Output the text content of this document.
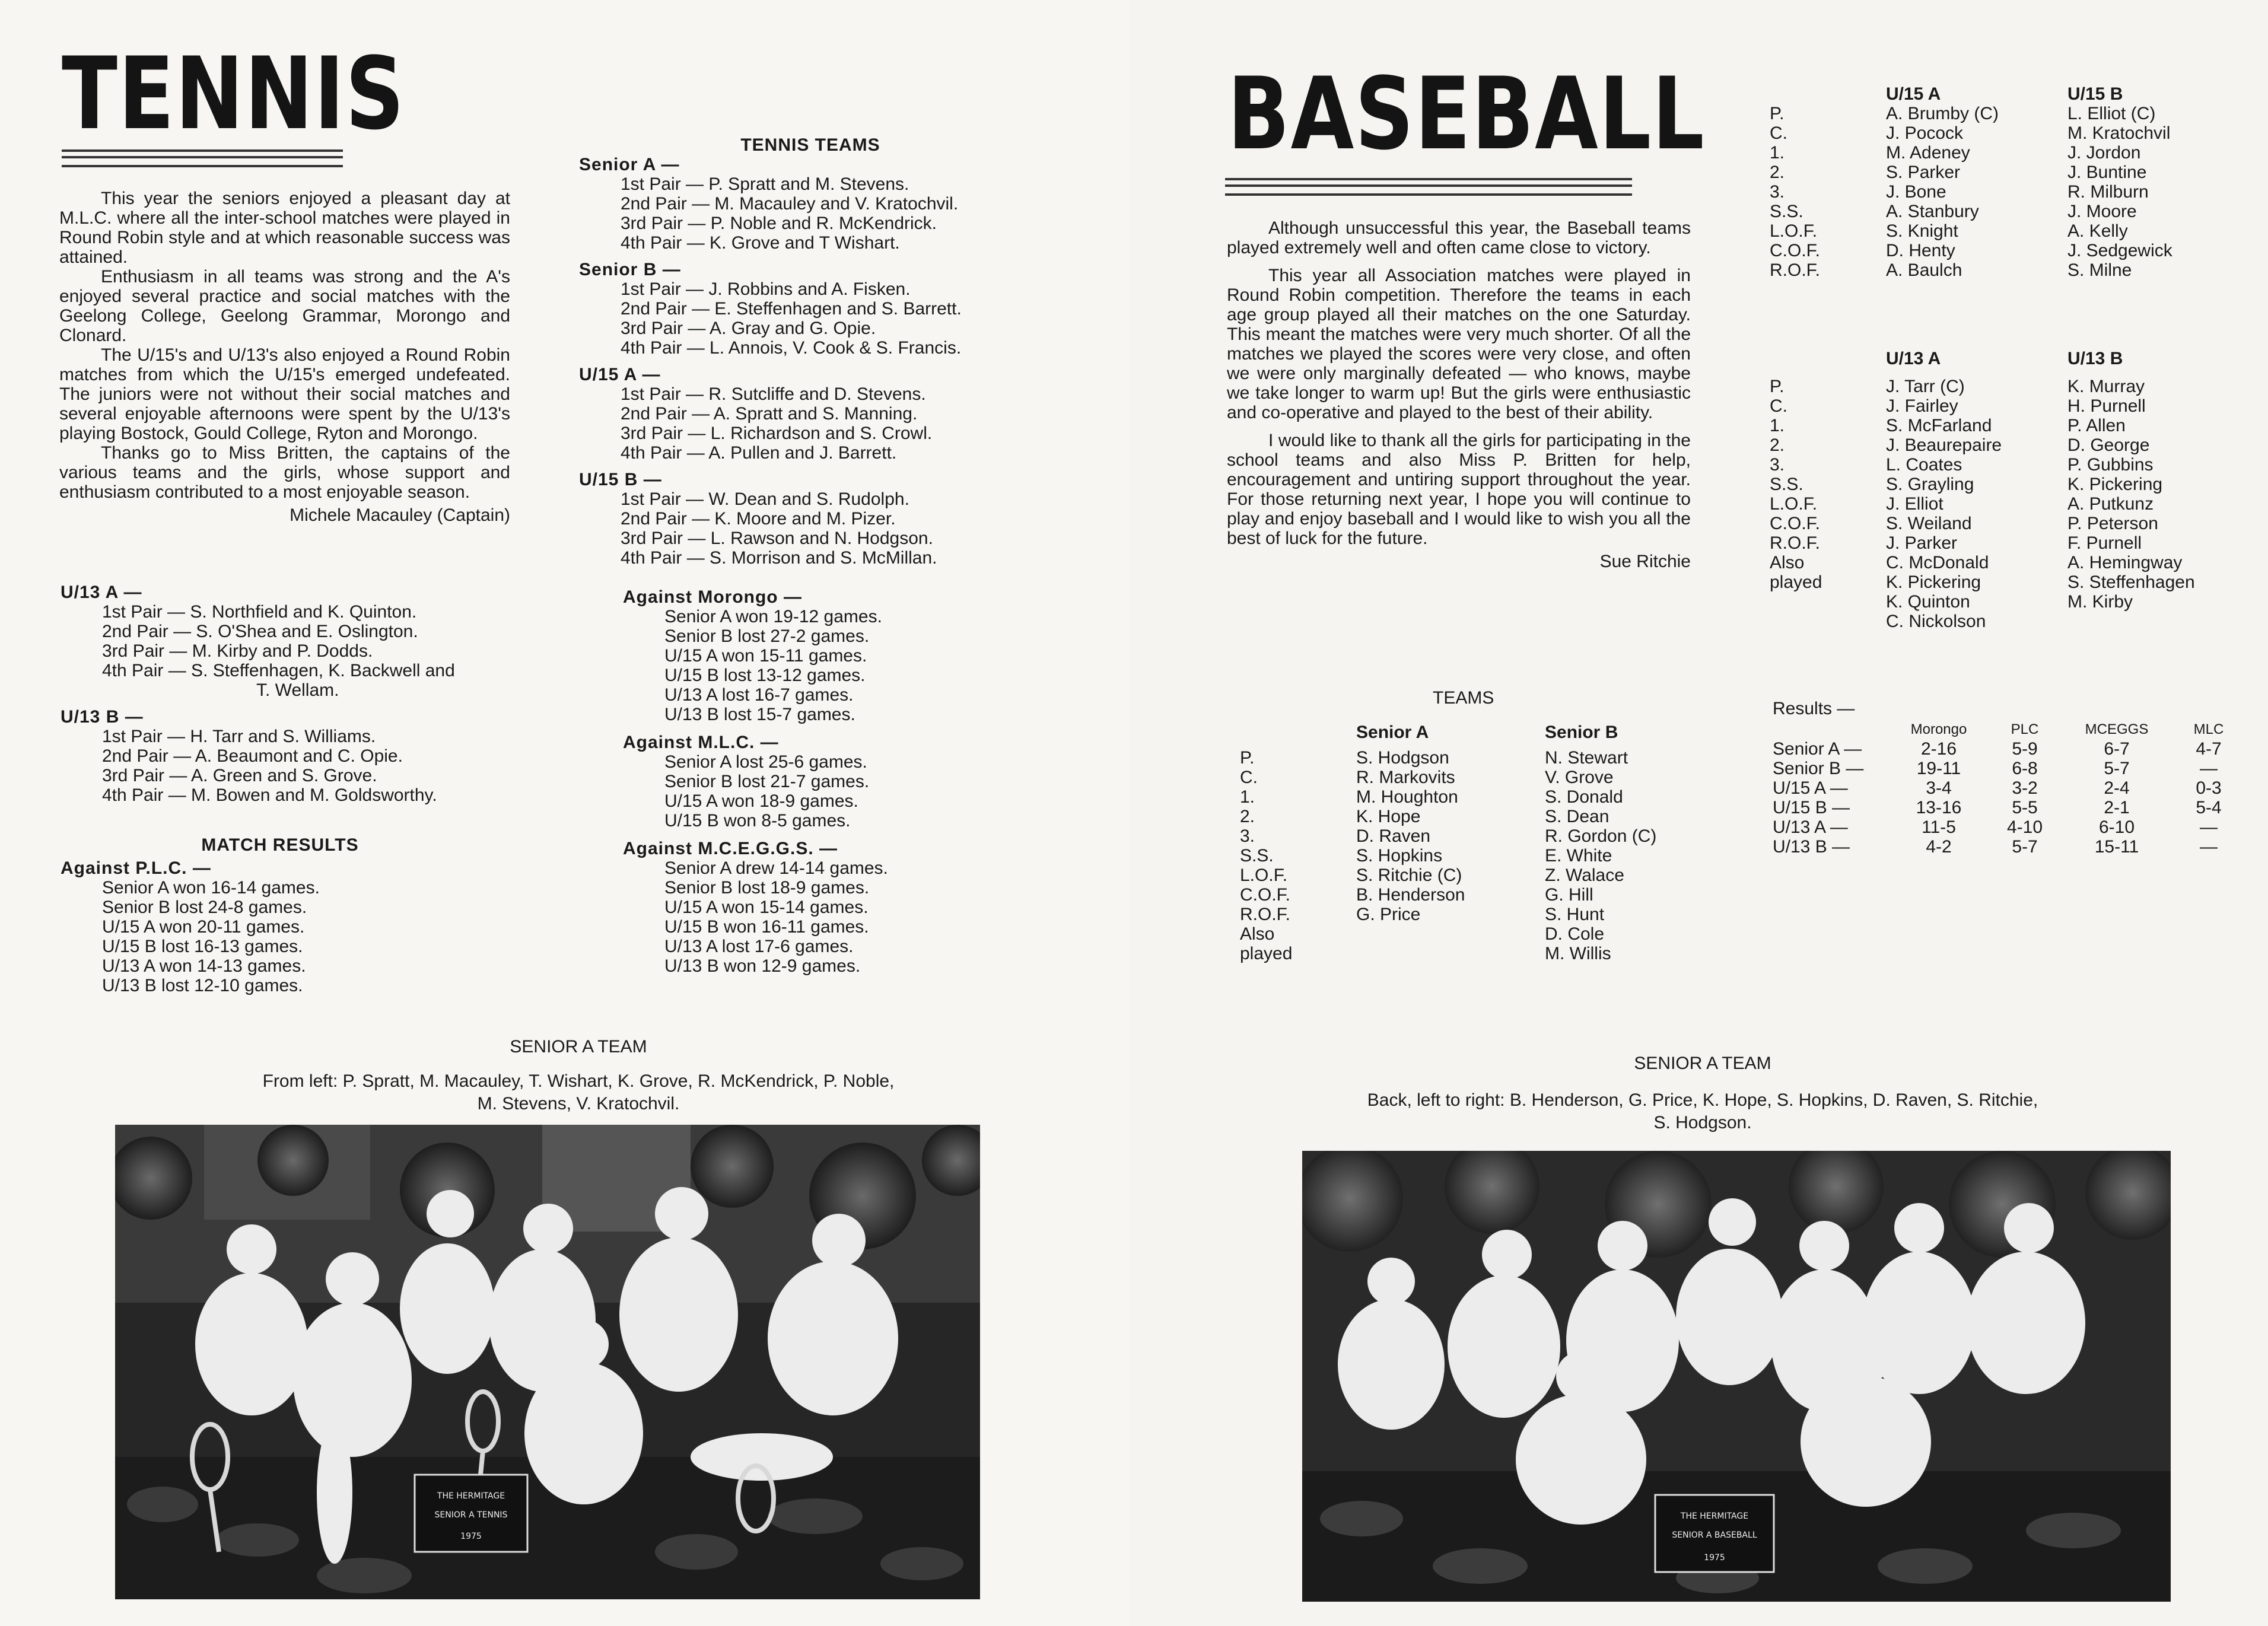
TENNIS

This year the seniors enjoyed a pleasant day at M.L.C. where all the inter-school matches were played in Round Robin style and at which reasonable success was attained.

Enthusiasm in all teams was strong and the A's enjoyed several practice and social matches with the Geelong College, Geelong Grammar, Morongo and Clonard.

The U/15's and U/13's also enjoyed a Round Robin matches from which the U/15's emerged undefeated. The juniors were not without their social matches and several enjoyable afternoons were spent by the U/13's playing Bostock, Gould College, Ryton and Morongo.

Thanks go to Miss Britten, the captains of the various teams and the girls, whose support and enthusiasm contributed to a most enjoyable season.

Michele Macauley (Captain)
U/13 A —
1st Pair — S. Northfield and K. Quinton.
2nd Pair — S. O'Shea and E. Oslington.
3rd Pair — M. Kirby and P. Dodds.
4th Pair — S. Steffenhagen, K. Backwell and
T. Wellam.
U/13 B —
1st Pair — H. Tarr and S. Williams.
2nd Pair — A. Beaumont and C. Opie.
3rd Pair — A. Green and S. Grove.
4th Pair — M. Bowen and M. Goldsworthy.
MATCH RESULTS
Against P.L.C. —
Senior A won 16-14 games.
Senior B lost 24-8 games.
U/15 A won 20-11 games.
U/15 B lost 16-13 games.
U/13 A won 14-13 games.
U/13 B lost 12-10 games.
TENNIS TEAMS
Senior A —
1st Pair — P. Spratt and M. Stevens.
2nd Pair — M. Macauley and V. Kratochvil.
3rd Pair — P. Noble and R. McKendrick.
4th Pair — K. Grove and T Wishart.
Senior B —
1st Pair — J. Robbins and A. Fisken.
2nd Pair — E. Steffenhagen and S. Barrett.
3rd Pair — A. Gray and G. Opie.
4th Pair — L. Annois, V. Cook & S. Francis.
U/15 A —
1st Pair — R. Sutcliffe and D. Stevens.
2nd Pair — A. Spratt and S. Manning.
3rd Pair — L. Richardson and S. Crowl.
4th Pair — A. Pullen and J. Barrett.
U/15 B —
1st Pair — W. Dean and S. Rudolph.
2nd Pair — K. Moore and M. Pizer.
3rd Pair — L. Rawson and N. Hodgson.
4th Pair — S. Morrison and S. McMillan.
Against Morongo —
Senior A won 19-12 games.
Senior B lost 27-2 games.
U/15 A won 15-11 games.
U/15 B lost 13-12 games.
U/13 A lost 16-7 games.
U/13 B lost 15-7 games.
Against M.L.C. —
Senior A lost 25-6 games.
Senior B lost 21-7 games.
U/15 A won 18-9 games.
U/15 B won 8-5 games.
Against M.C.E.G.G.S. —
Senior A drew 14-14 games.
Senior B lost 18-9 games.
U/15 A won 15-14 games.
U/15 B won 16-11 games.
U/13 A lost 17-6 games.
U/13 B won 12-9 games.
SENIOR A TEAM
From left: P. Spratt, M. Macauley, T. Wishart, K. Grove, R. McKendrick, P. Noble,
M. Stevens, V. Kratochvil.
THE HERMITAGE
SENIOR A TENNIS
1975
BASEBALL

Although unsuccessful this year, the Baseball teams played extremely well and often came close to victory.

This year all Association matches were played in Round Robin competition. Therefore the teams in each age group played all their matches on the one Saturday. This meant the matches were very much shorter. Of all the matches we played the scores were very close, and often we were only marginally defeated — who knows, maybe we take longer to warm up! But the girls were enthusiastic and co-operative and played to the best of their ability.

I would like to thank all the girls for participating in the school teams and also Miss P. Britten for help, encouragement and untiring support throughout the year. For those returning next year, I hope you will continue to play and enjoy baseball and I would like to wish you all the best of luck for the future.

Sue Ritchie
TEAMS
	Senior A	Senior B

P.	S. Hodgson	N. Stewart
C.	R. Markovits	V. Grove
1.	M. Houghton	S. Donald
2.	K. Hope	S. Dean
3.	D. Raven	R. Gordon (C)
S.S.	S. Hopkins	E. White
L.O.F.	S. Ritchie (C)	Z. Walace
C.O.F.	B. Henderson	G. Hill
R.O.F.	G. Price	S. Hunt
Also		D. Cole
played		M. Willis
	U/15 A	U/15 B
P.	A. Brumby (C)	L. Elliot (C)
C.	J. Pocock	M. Kratochvil
1.	M. Adeney	J. Jordon
2.	S. Parker	J. Buntine
3.	J. Bone	R. Milburn
S.S.	A. Stanbury	J. Moore
L.O.F.	S. Knight	A. Kelly
C.O.F.	D. Henty	J. Sedgewick
R.O.F.	A. Baulch	S. Milne
	U/13 A	U/13 B

P.	J. Tarr (C)	K. Murray
C.	J. Fairley	H. Purnell
1.	S. McFarland	P. Allen
2.	J. Beaurepaire	D. George
3.	L. Coates	P. Gubbins
S.S.	S. Grayling	K. Pickering
L.O.F.	J. Elliot	A. Putkunz
C.O.F.	S. Weiland	P. Peterson
R.O.F.	J. Parker	F. Purnell
Also	C. McDonald	A. Hemingway
played	K. Pickering	S. Steffenhagen
	K. Quinton	M. Kirby
	C. Nickolson	
Results —
	Morongo	PLC	MCEGGS	MLC
Senior A —	2-16	5-9	6-7	4-7
Senior B —	19-11	6-8	5-7	—
U/15 A —	3-4	3-2	2-4	0-3
U/15 B —	13-16	5-5	2-1	5-4
U/13 A —	11-5	4-10	6-10	—
U/13 B —	4-2	5-7	15-11	—
SENIOR A TEAM
Back, left to right: B. Henderson, G. Price, K. Hope, S. Hopkins, D. Raven, S. Ritchie,
S. Hodgson.
THE HERMITAGE
SENIOR A BASEBALL
1975
